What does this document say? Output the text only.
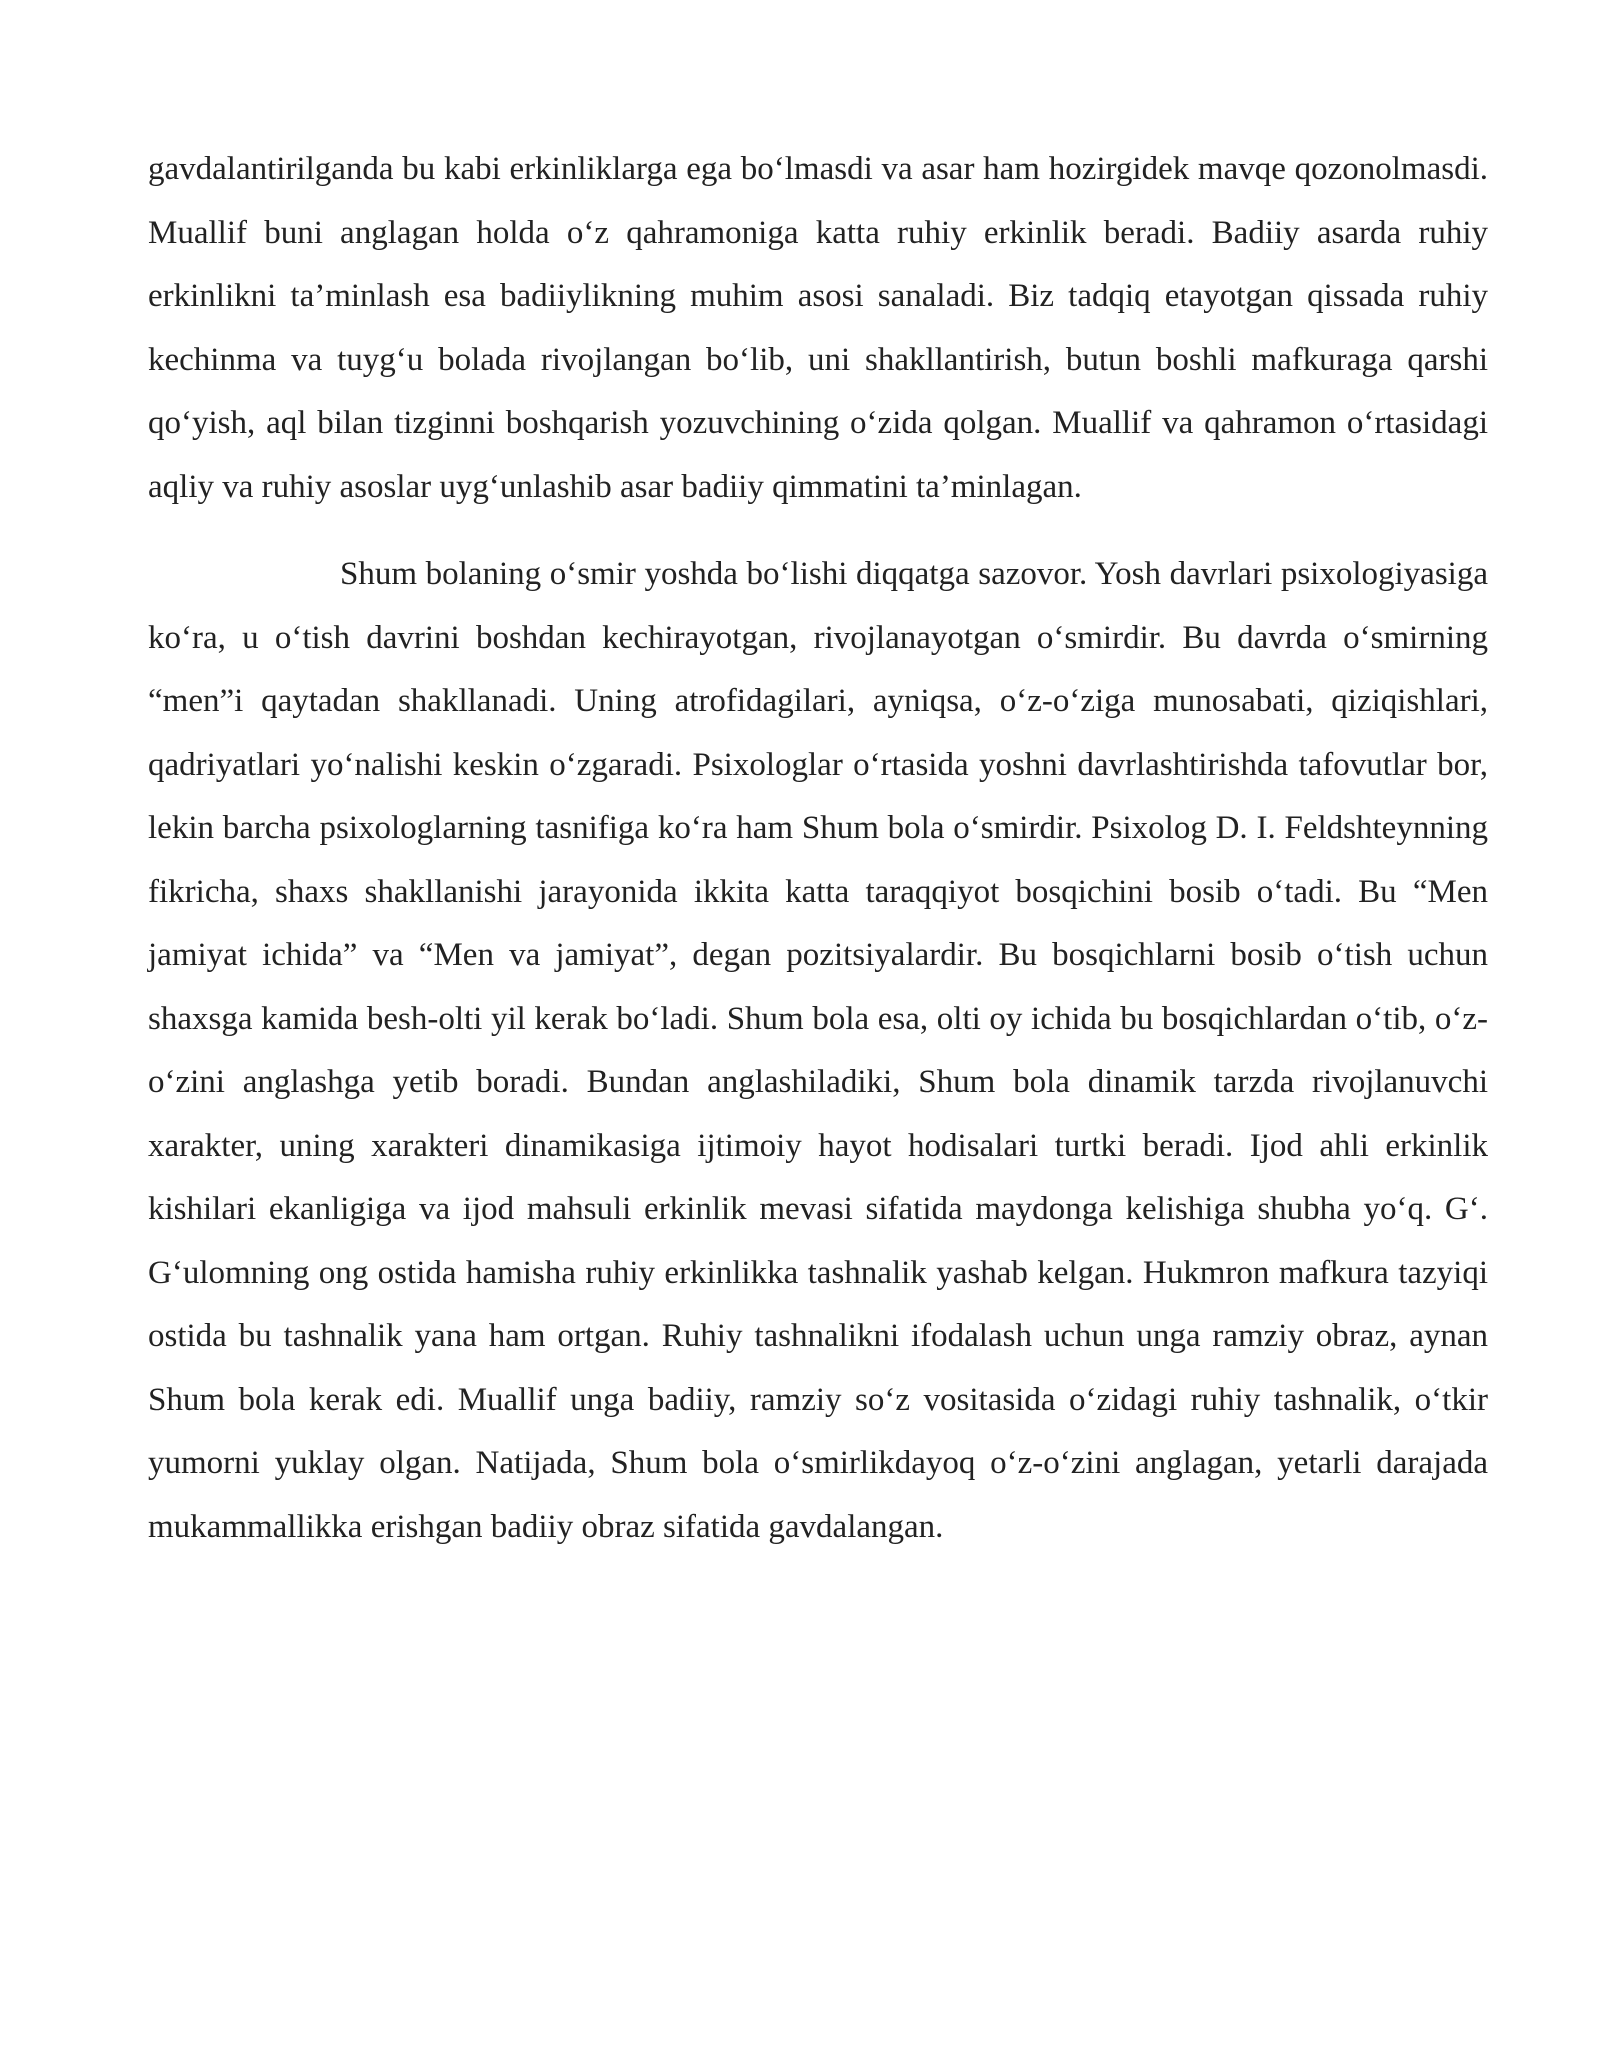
gavdalantirilganda bu kabi erkinliklarga ega bo‘lmasdi va asar ham hozirgidek mavqe qozonolmasdi. Muallif buni anglagan holda o‘z qahramoniga katta ruhiy erkinlik beradi. Badiiy asarda ruhiy erkinlikni ta’minlash esa badiiylikning muhim asosi sanaladi. Biz tadqiq etayotgan qissada ruhiy kechinma va tuyg‘u bolada rivojlangan bo‘lib, uni shakllantirish, butun boshli mafkuraga qarshi qo‘yish, aql bilan tizginni boshqarish yozuvchining o‘zida qolgan. Muallif va qahramon o‘rtasidagi aqliy va ruhiy asoslar uyg‘unlashib asar badiiy qimmatini ta’minlagan.

Shum bolaning o‘smir yoshda bo‘lishi diqqatga sazovor. Yosh davrlari psixologiyasiga ko‘ra, u o‘tish davrini boshdan kechirayotgan, rivojlanayotgan o‘smirdir. Bu davrda o‘smirning “men”i qaytadan shakllanadi. Uning atrofidagilari, ayniqsa, o‘z-o‘ziga munosabati, qiziqishlari, qadriyatlari yo‘nalishi keskin o‘zgaradi. Psixologlar o‘rtasida yoshni davrlashtirishda tafovutlar bor, lekin barcha psixologlarning tasnifiga ko‘ra ham Shum bola o‘smirdir. Psixolog D. I. Feldshteynning fikricha, shaxs shakllanishi jarayonida ikkita katta taraqqiyot bosqichini bosib o‘tadi. Bu “Men jamiyat ichida” va “Men va jamiyat”, degan pozitsiyalardir. Bu bosqichlarni bosib o‘tish uchun shaxsga kamida besh-olti yil kerak bo‘ladi. Shum bola esa, olti oy ichida bu bosqichlardan o‘tib, o‘z-o‘zini anglashga yetib boradi. Bundan anglashiladiki, Shum bola dinamik tarzda rivojlanuvchi xarakter, uning xarakteri dinamikasiga ijtimoiy hayot hodisalari turtki beradi. Ijod ahli erkinlik kishilari ekanligiga va ijod mahsuli erkinlik mevasi sifatida maydonga kelishiga shubha yo‘q. G‘. G‘ulomning ong ostida hamisha ruhiy erkinlikka tashnalik yashab kelgan. Hukmron mafkura tazyiqi ostida bu tashnalik yana ham ortgan. Ruhiy tashnalikni ifodalash uchun unga ramziy obraz, aynan Shum bola kerak edi. Muallif unga badiiy, ramziy so‘z vositasida o‘zidagi ruhiy tashnalik, o‘tkir yumorni yuklay olgan. Natijada, Shum bola o‘smirlikdayoq o‘z-o‘zini anglagan, yetarli darajada mukammallikka erishgan badiiy obraz sifatida gavdalangan.
